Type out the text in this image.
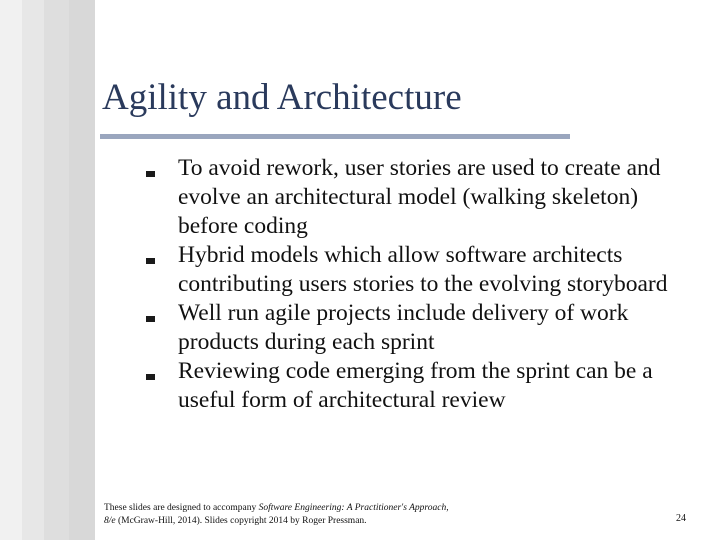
Agility and Architecture
To avoid rework, user stories are used to create and evolve an architectural model (walking skeleton) before coding
Hybrid models which allow software architects contributing users stories to the evolving storyboard
Well run agile projects include delivery of work products during each sprint
Reviewing code emerging from the sprint can be a useful form of architectural review
These slides are designed to accompany Software Engineering: A Practitioner's Approach,
8/e (McGraw-Hill, 2014). Slides copyright 2014 by Roger Pressman.	24
